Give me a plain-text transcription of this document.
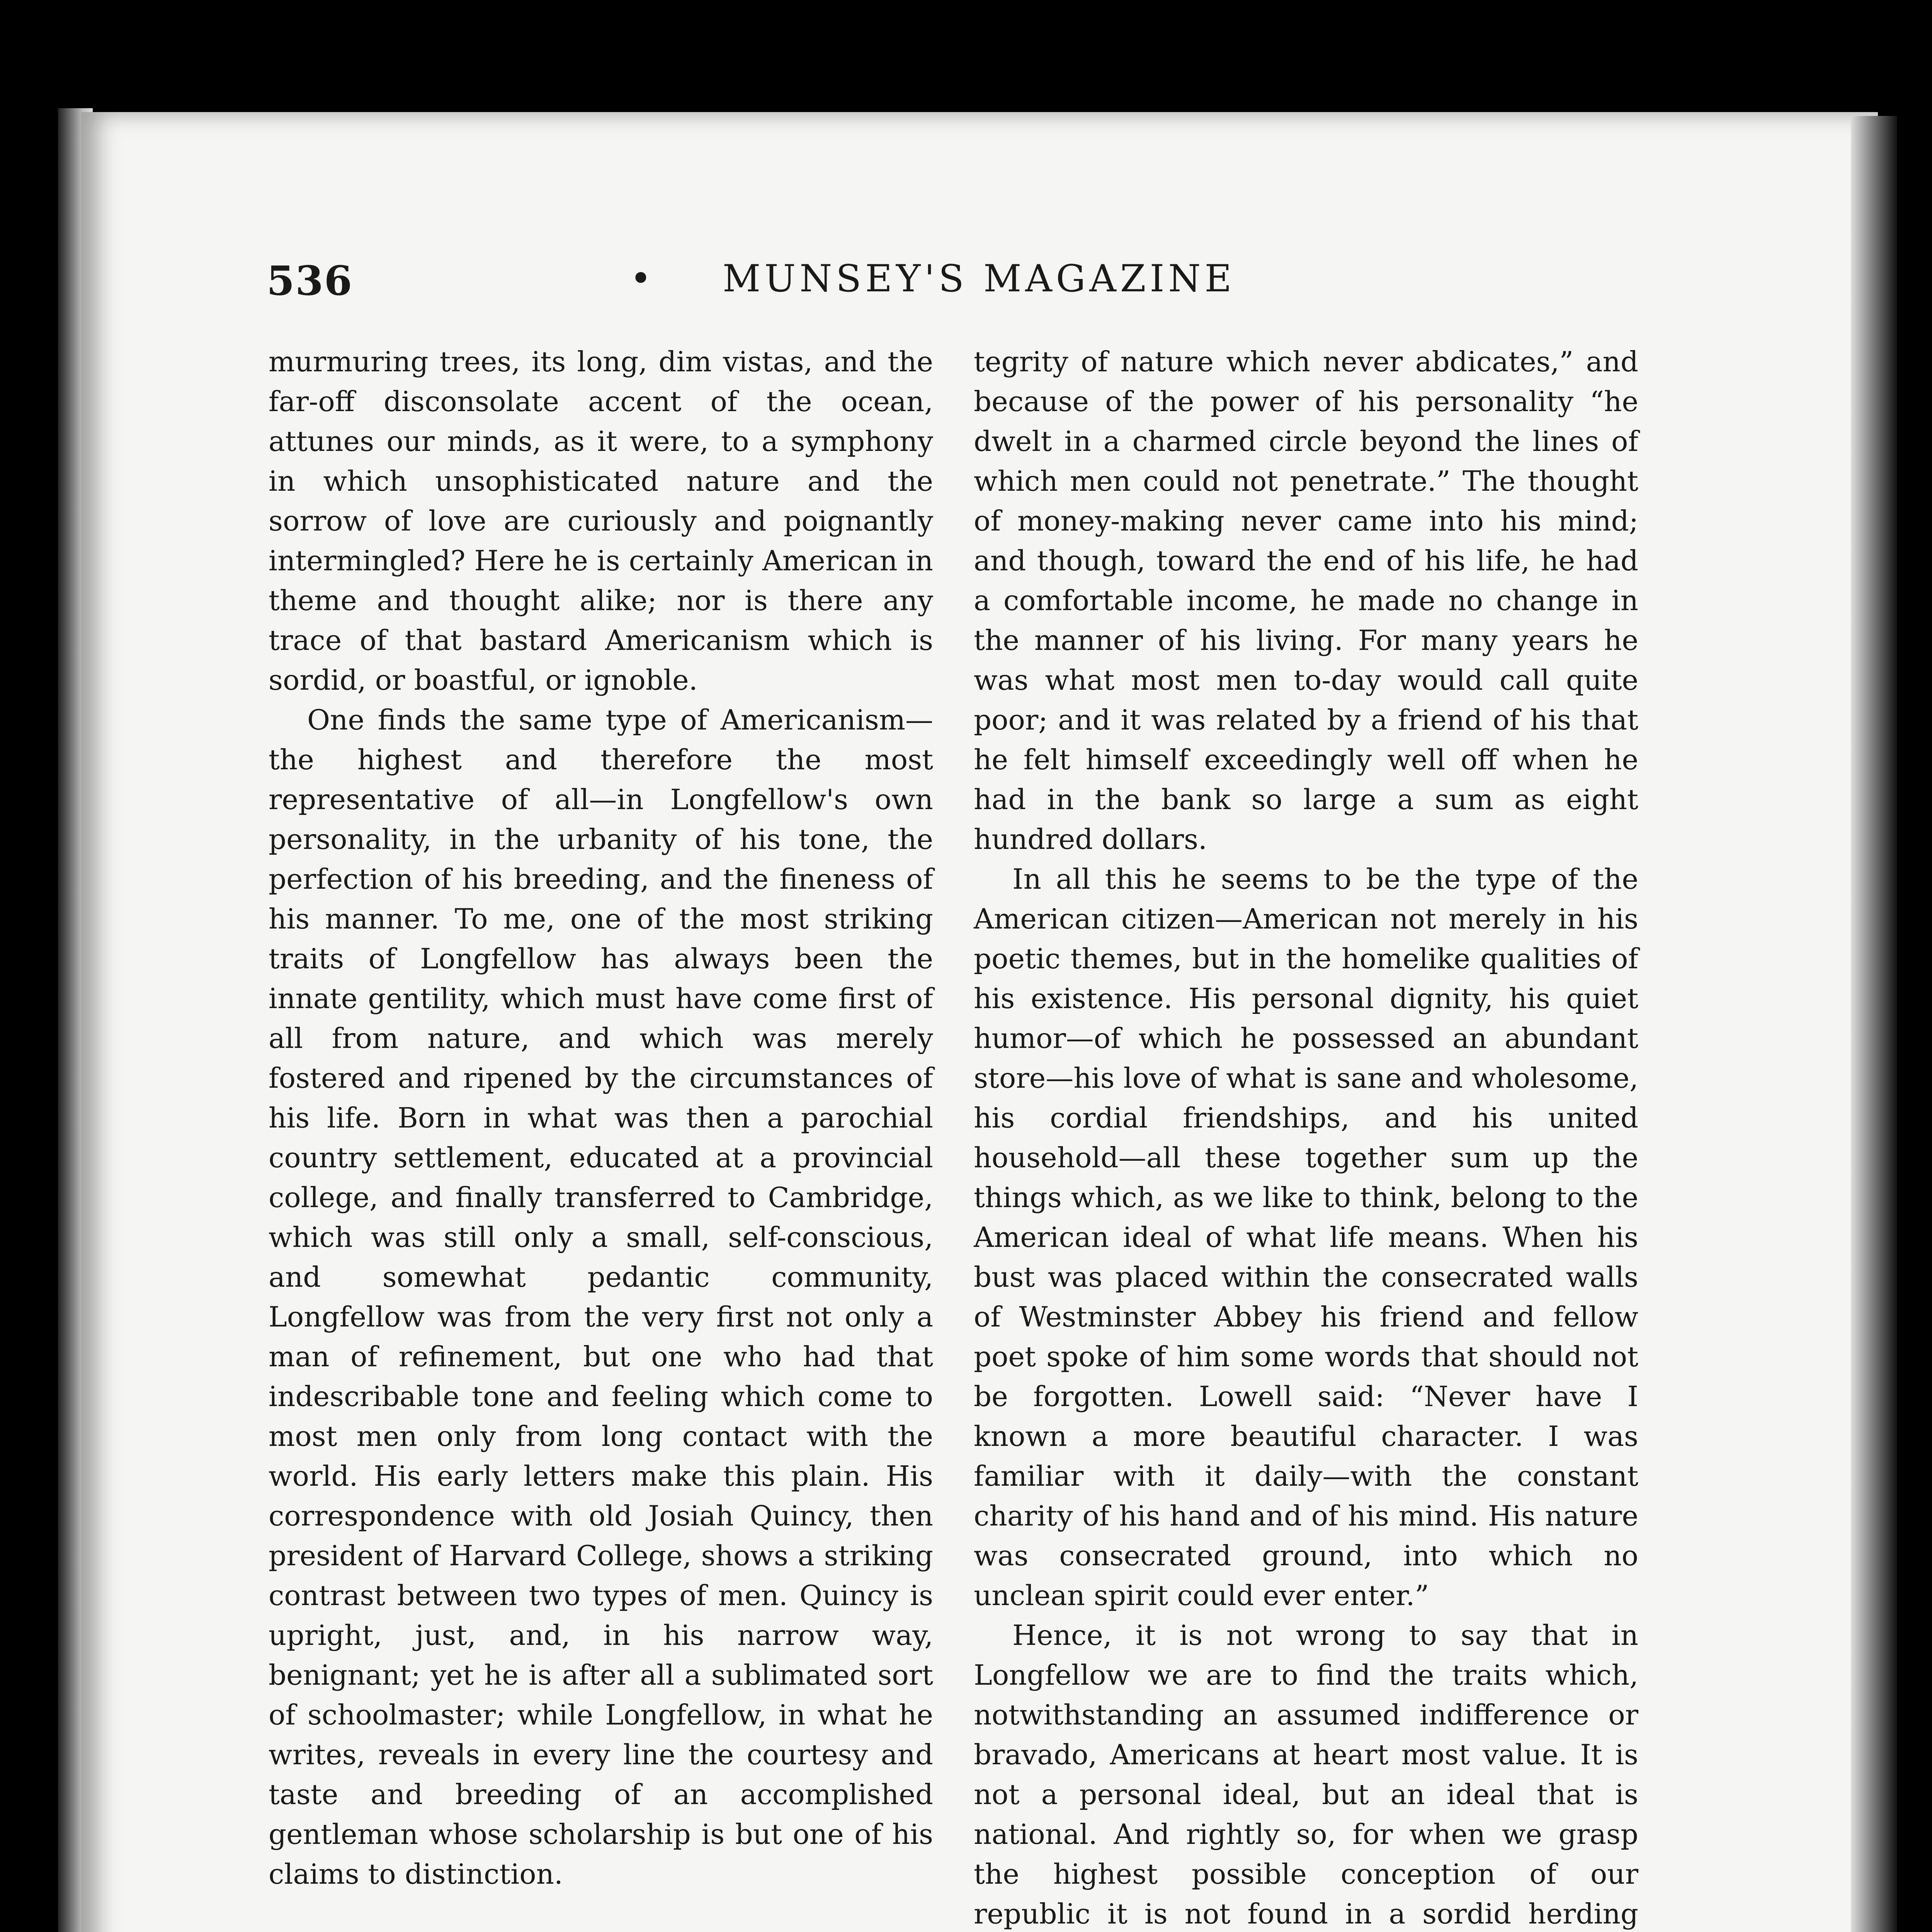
536	• MUNSEY'S MAGAZINE

murmuring trees, its long, dim vistas, and the far-off disconsolate accent of the ocean, attunes our minds, as it were, to a symphony in which unsophisticated nature and the sorrow of love are curiously and poignantly intermingled? Here he is certainly American in theme and thought alike; nor is there any trace of that bastard Americanism which is sordid, or boastful, or ignoble.

One finds the same type of Americanism—the highest and therefore the most representative of all—in Longfellow's own personality, in the urbanity of his tone, the perfection of his breeding, and the fineness of his manner. To me, one of the most striking traits of Longfellow has always been the innate gentility, which must have come first of all from nature, and which was merely fostered and ripened by the circumstances of his life. Born in what was then a parochial country settlement, educated at a provincial college, and finally transferred to Cambridge, which was still only a small, self-conscious, and somewhat pedantic community, Longfellow was from the very first not only a man of refinement, but one who had that indescribable tone and feeling which come to most men only from long contact with the world. His early letters make this plain. His correspondence with old Josiah Quincy, then president of Harvard College, shows a striking contrast between two types of men. Quincy is upright, just, and, in his narrow way, benignant; yet he is after all a sublimated sort of schoolmaster; while Longfellow, in what he writes, reveals in every line the courtesy and taste and breeding of an accomplished gentleman whose scholarship is but one of his claims to distinction.

tegrity of nature which never abdicates,” and because of the power of his personality “he dwelt in a charmed circle beyond the lines of which men could not penetrate.” The thought of money-making never came into his mind; and though, toward the end of his life, he had a comfortable income, he made no change in the manner of his living. For many years he was what most men to-day would call quite poor; and it was related by a friend of his that he felt himself exceedingly well off when he had in the bank so large a sum as eight hundred dollars.

In all this he seems to be the type of the American citizen—American not merely in his poetic themes, but in the homelike qualities of his existence. His personal dignity, his quiet humor—of which he possessed an abundant store—his love of what is sane and wholesome, his cordial friendships, and his united household—all these together sum up the things which, as we like to think, belong to the American ideal of what life means. When his bust was placed within the consecrated walls of Westminster Abbey his friend and fellow poet spoke of him some words that should not be forgotten. Lowell said: “Never have I known a more beautiful character. I was familiar with it daily—with the constant charity of his hand and of his mind. His nature was consecrated ground, into which no unclean spirit could ever enter.”

Hence, it is not wrong to say that in Longfellow we are to find the traits which, notwithstanding an assumed indifference or bravado, Americans at heart most value. It is not a personal ideal, but an ideal that is national. And rightly so, for when we grasp the highest possible conception of our republic it is not found in a sordid herding
